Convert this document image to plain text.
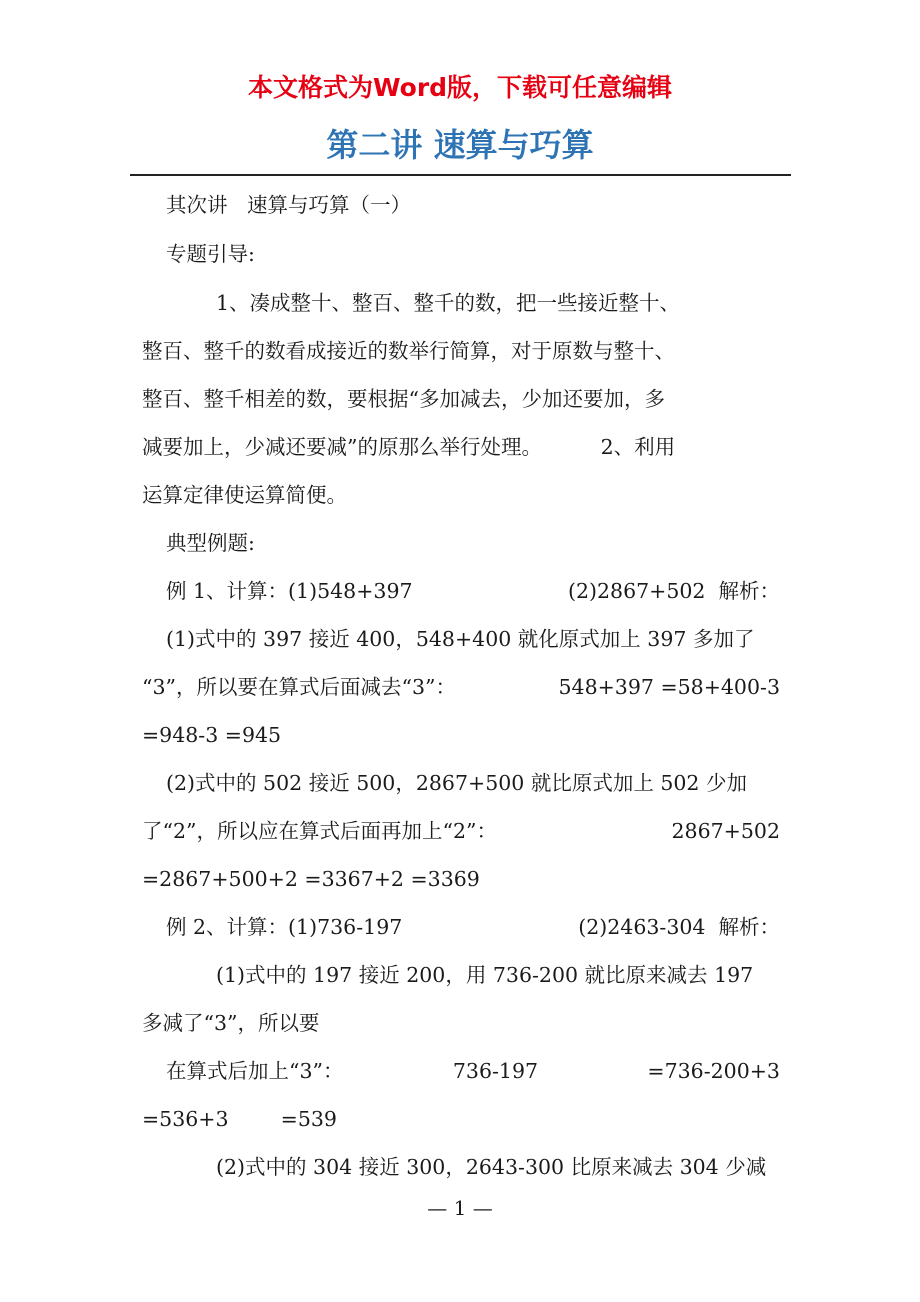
本文格式为Word版，下载可任意编辑
第二讲 速算与巧算
其次讲   速算与巧算（一）
专题引导:
1、凑成整十、整百、整千的数，把一些接近整十、
整百、整千的数看成接近的数举行简算，对于原数与整十、
整百、整千相差的数，要根据“多加减去，少加还要加，多
减要加上，少减还要减”的原那么举行处理。         2、利用
运算定律使运算简便。
典型例题:
例 1、计算：(1)548+397	(2)2867+502  解析：
(1)式中的 397 接近 400，548+400 就化原式加上 397 多加了
“3”，所以要在算式后面减去“3”：	548+397 =58+400-3
=948-3 =945
(2)式中的 502 接近 500，2867+500 就比原式加上 502 少加
了“2”，所以应在算式后面再加上“2”：	2867+502
=2867+500+2 =3367+2 =3369
例 2、计算：(1)736-197	(2)2463-304  解析：
(1)式中的 197 接近 200，用 736-200 就比原来减去 197
多减了“3”，所以要
在算式后加上“3”：	736-197	=736-200+3
=536+3        =539
(2)式中的 304 接近 300，2643-300 比原来减去 304 少减
— 1 —
